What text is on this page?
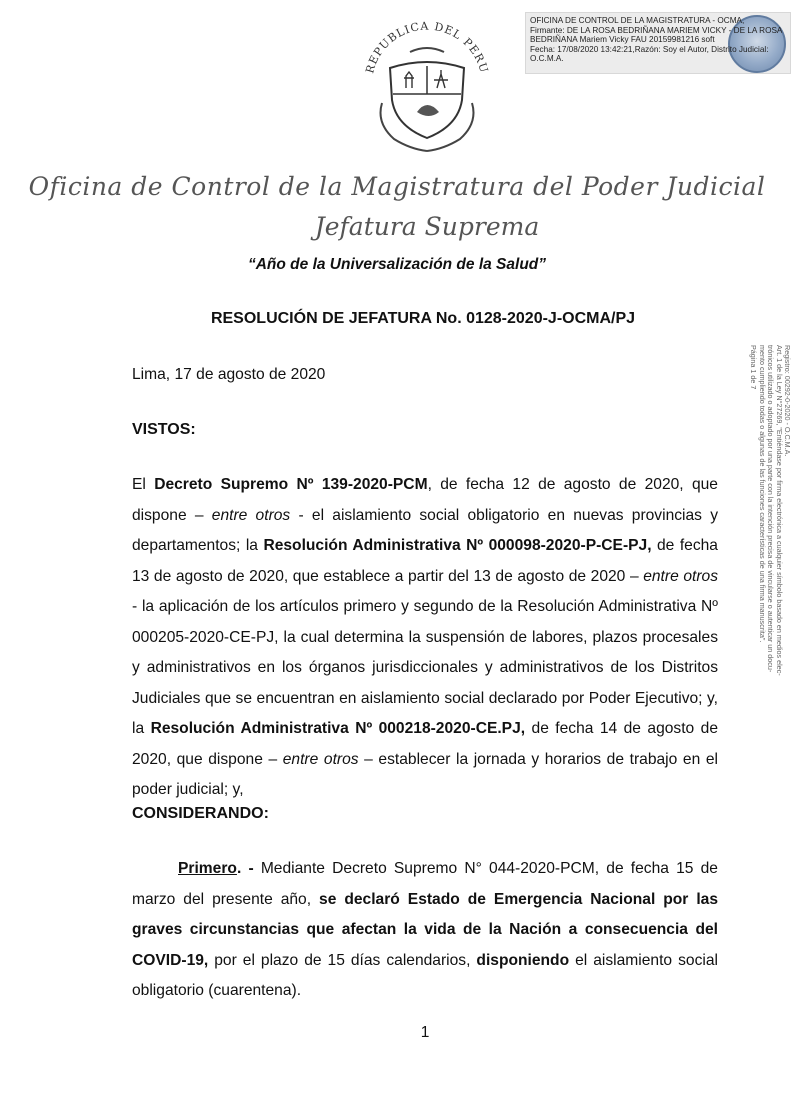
OFICINA DE CONTROL DE LA MAGISTRATURA - OCMA,
Firmante: DE LA ROSA BEDRIÑANA MARIEM VICKY - DE LA ROSA
BEDRIÑANA Mariem Vicky FAU 20159981216 soft
Fecha: 17/08/2020 13:42:21,Razón: Soy el Autor, Distrito Judicial:
O.C.M.A.
REPUBLICA DEL PERU
Oficina de Control de la Magistratura del Poder Judicial
Jefatura Suprema
“Año de la Universalización de la Salud”
RESOLUCIÓN DE JEFATURA No. 0128-2020-J-OCMA/PJ
Lima, 17 de agosto de 2020
VISTOS:
El Decreto Supremo Nº 139-2020-PCM, de fecha 12 de agosto de 2020, que dispone – entre otros - el aislamiento social obligatorio en nuevas provincias y departamentos; la Resolución Administrativa Nº 000098-2020-P-CE-PJ, de fecha 13 de agosto de 2020, que establece a partir del 13 de agosto de 2020 – entre otros - la aplicación de los artículos primero y segundo de la Resolución Administrativa Nº 000205-2020-CE-PJ, la cual determina la suspensión de labores, plazos procesales y administrativos en los órganos jurisdiccionales y administrativos de los Distritos Judiciales que se encuentran en aislamiento social declarado por Poder Ejecutivo; y, la Resolución Administrativa Nº 000218-2020-CE.PJ, de fecha 14 de agosto de 2020, que dispone – entre otros – establecer la jornada y horarios de trabajo en el poder judicial; y,
CONSIDERANDO:
Primero. - Mediante Decreto Supremo N° 044-2020-PCM, de fecha 15 de marzo del presente año, se declaró Estado de Emergencia Nacional por las graves circunstancias que afectan la vida de la Nación a consecuencia del COVID-19, por el plazo de 15 días calendarios, disponiendo el aislamiento social obligatorio (cuarentena).
1
Registro: 00292-0-2020 - O.C.M.A.
Art. 1 de la Ley N°27269, "Entiéndase por firma electrónica a cualquier símbolo basado en medios elec-
trónicos utilizado o adoptado por una parte con la intención precisa de vincularse o autenticar un docu-
mento cumpliendo todas o algunas de las funciones características de una firma manuscrita".
Página 1 de 7
